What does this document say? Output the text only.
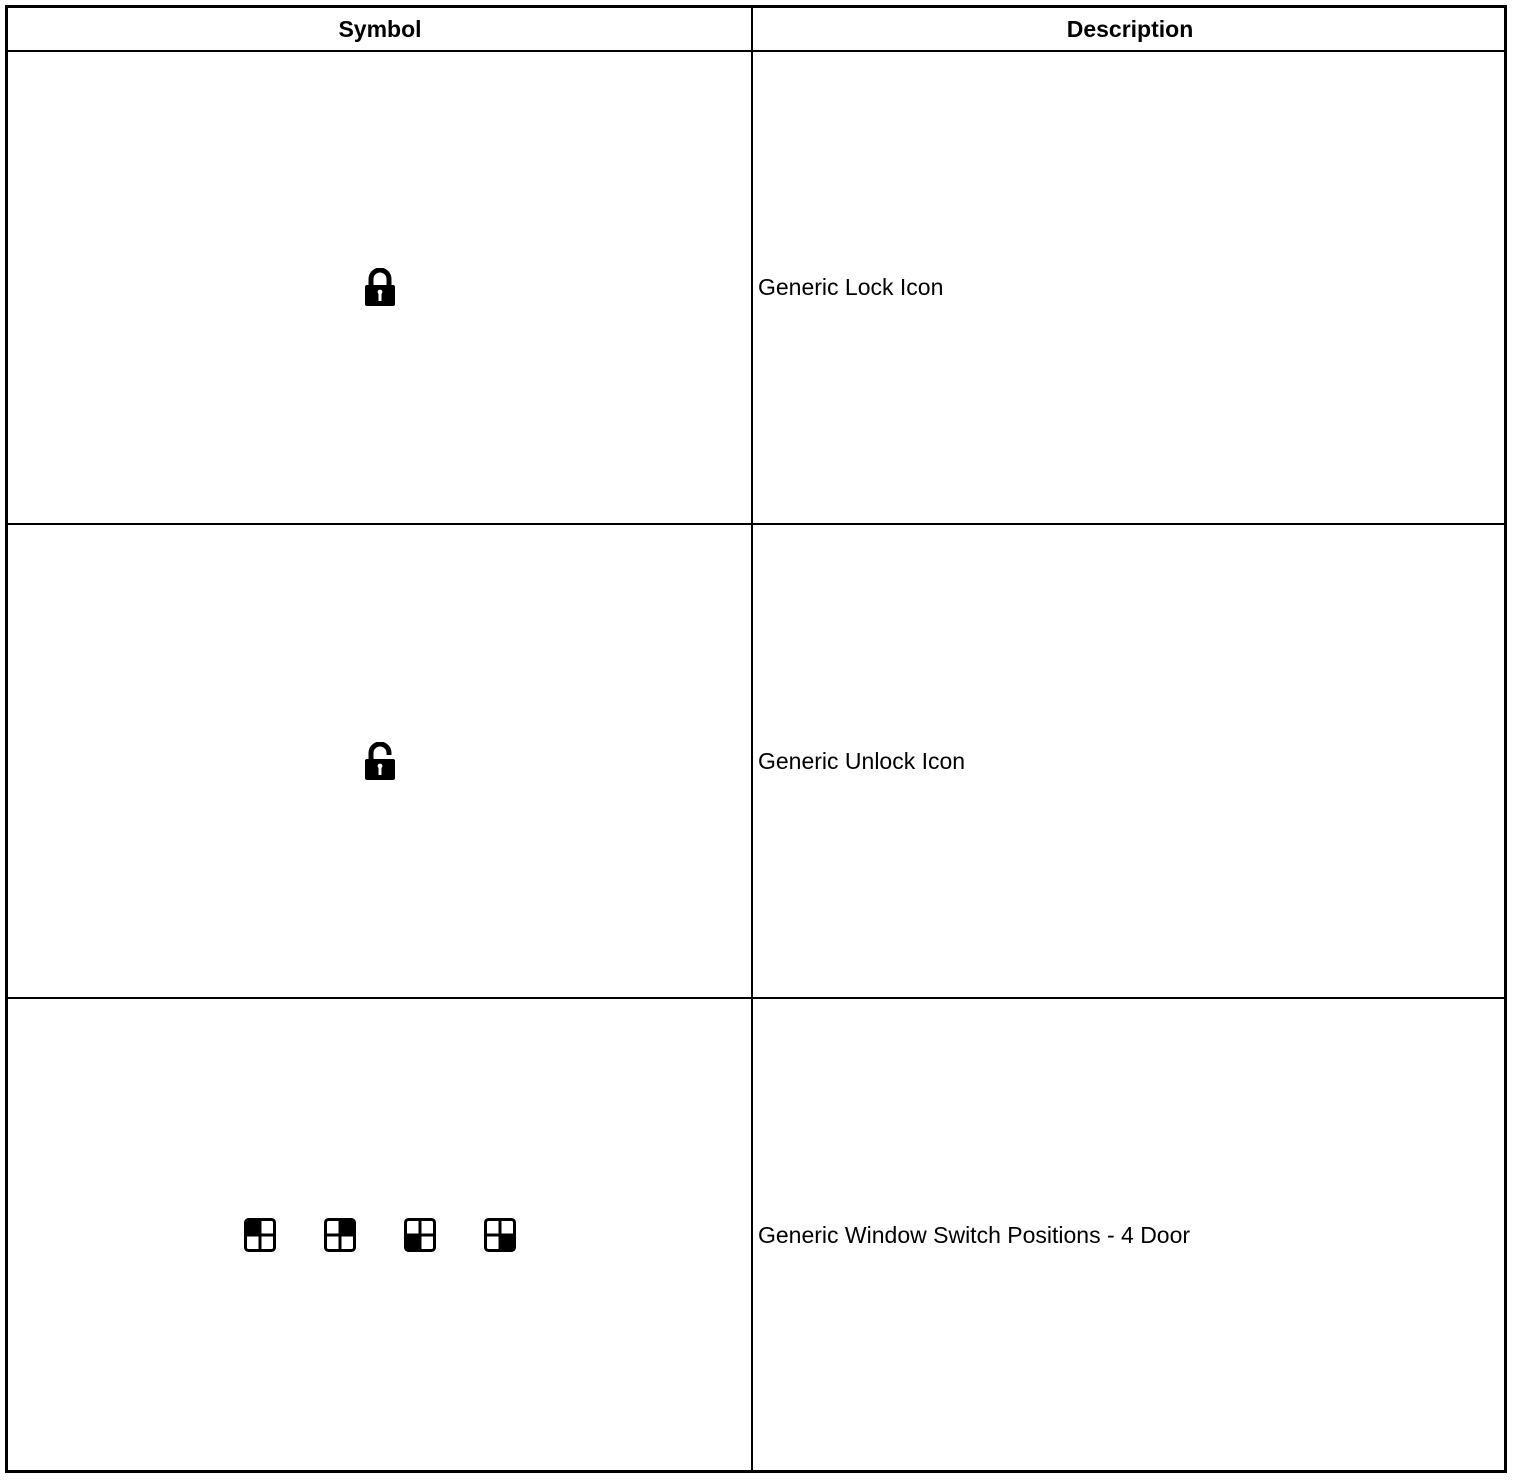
Symbol	Description
Generic Lock Icon
Generic Unlock Icon
Generic Window Switch Positions - 4 Door
